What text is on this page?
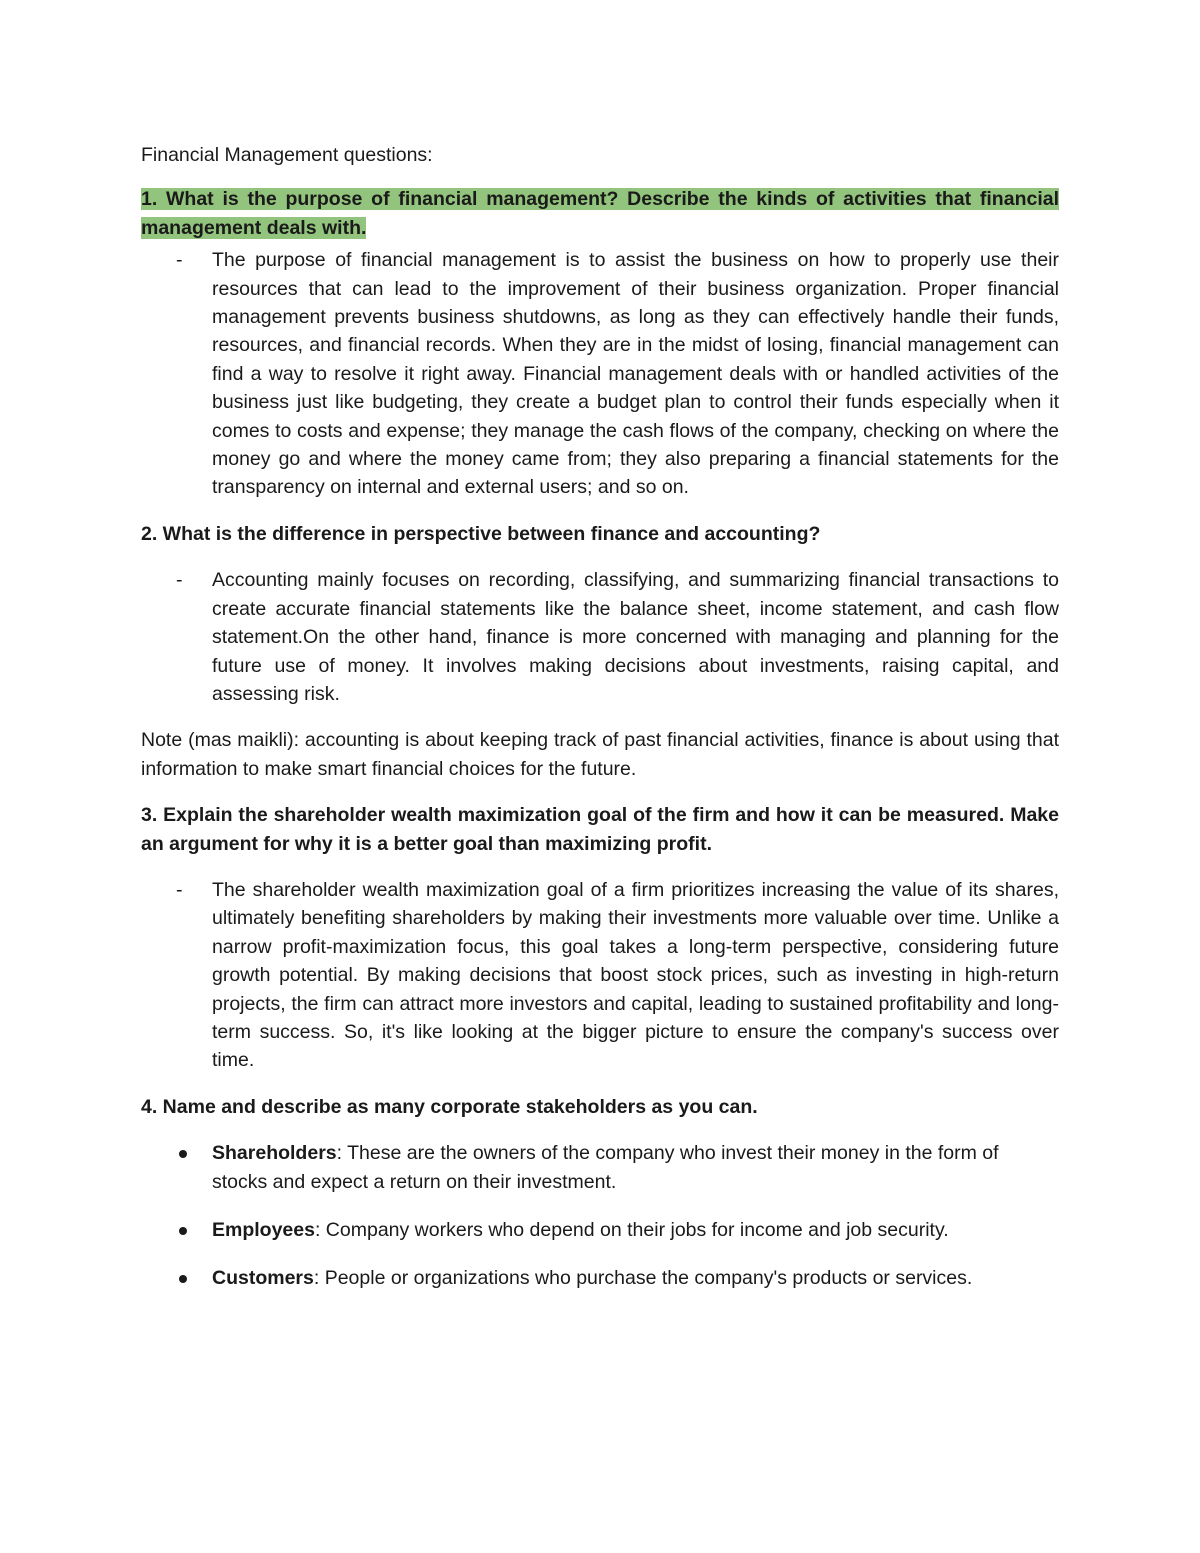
Financial Management questions:

1. What is the purpose of financial management? Describe the kinds of activities that financial management deals with.

- The purpose of financial management is to assist the business on how to properly use their resources that can lead to the improvement of their business organization. Proper financial management prevents business shutdowns, as long as they can effectively handle their funds, resources, and financial records. When they are in the midst of losing, financial management can find a way to resolve it right away. Financial management deals with or handled activities of the business just like budgeting, they create a budget plan to control their funds especially when it comes to costs and expense; they manage the cash flows of the company, checking on where the money go and where the money came from; they also preparing a financial statements for the transparency on internal and external users; and so on.

2. What is the difference in perspective between finance and accounting?

- Accounting mainly focuses on recording, classifying, and summarizing financial transactions to create accurate financial statements like the balance sheet, income statement, and cash flow statement.On the other hand, finance is more concerned with managing and planning for the future use of money. It involves making decisions about investments, raising capital, and assessing risk.

Note (mas maikli): accounting is about keeping track of past financial activities, finance is about using that information to make smart financial choices for the future.

3. Explain the shareholder wealth maximization goal of the firm and how it can be measured. Make an argument for why it is a better goal than maximizing profit.

- The shareholder wealth maximization goal of a firm prioritizes increasing the value of its shares, ultimately benefiting shareholders by making their investments more valuable over time. Unlike a narrow profit-maximization focus, this goal takes a long-term perspective, considering future growth potential. By making decisions that boost stock prices, such as investing in high-return projects, the firm can attract more investors and capital, leading to sustained profitability and long-term success. So, it's like looking at the bigger picture to ensure the company's success over time.

4. Name and describe as many corporate stakeholders as you can.

Shareholders: These are the owners of the company who invest their money in the form of stocks and expect a return on their investment.
Employees: Company workers who depend on their jobs for income and job security.
Customers: People or organizations who purchase the company's products or services.
